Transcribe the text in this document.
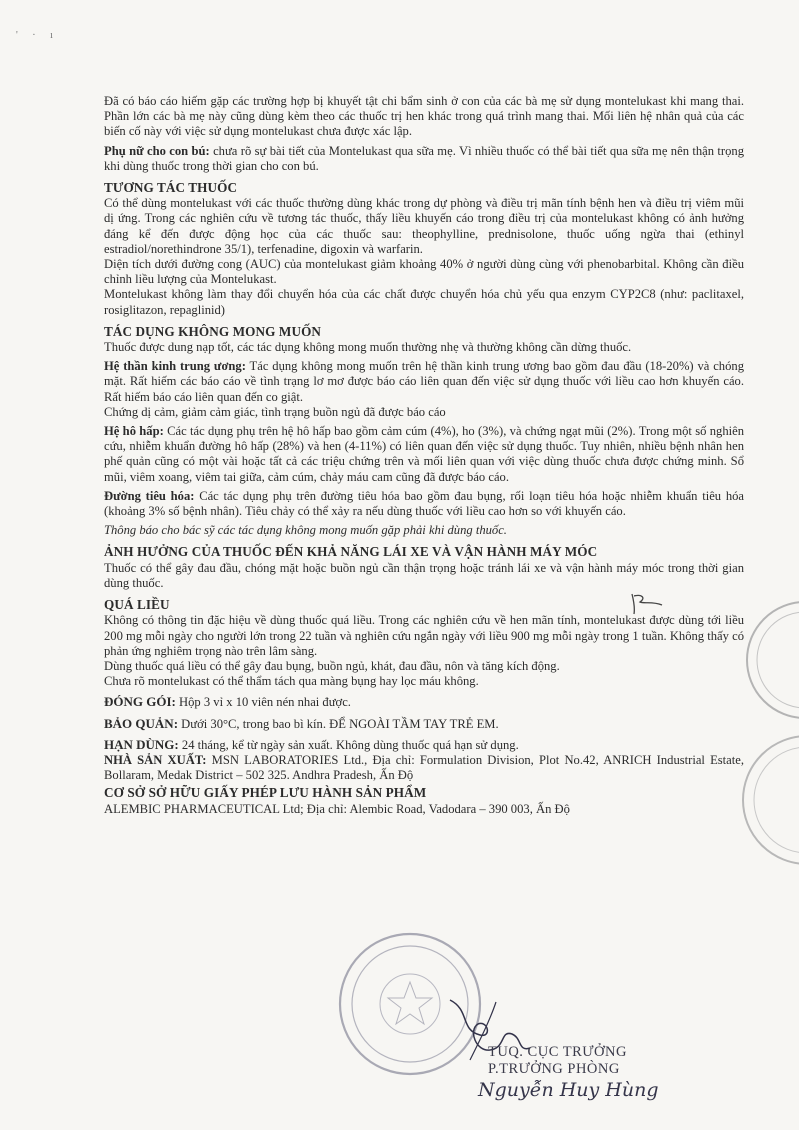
' · ı

Đã có báo cáo hiếm gặp các trường hợp bị khuyết tật chi bẩm sinh ở con của các bà mẹ sử dụng montelukast khi mang thai. Phần lớn các bà mẹ này cũng dùng kèm theo các thuốc trị hen khác trong quá trình mang thai. Mối liên hệ nhân quả của các biến cố này với việc sử dụng montelukast chưa được xác lập.

Phụ nữ cho con bú: chưa rõ sự bài tiết của Montelukast qua sữa mẹ. Vì nhiều thuốc có thể bài tiết qua sữa mẹ nên thận trọng khi dùng thuốc trong thời gian cho con bú.

TƯƠNG TÁC THUỐC

Có thể dùng montelukast với các thuốc thường dùng khác trong dự phòng và điều trị mãn tính bệnh hen và điều trị viêm mũi dị ứng. Trong các nghiên cứu về tương tác thuốc, thấy liều khuyến cáo trong điều trị của montelukast không có ảnh hưởng đáng kể đến được động học của các thuốc sau: theophylline, prednisolone, thuốc uống ngừa thai (ethinyl estradiol/norethindrone 35/1), terfenadine, digoxin và warfarin.

Diện tích dưới đường cong (AUC) của montelukast giảm khoảng 40% ở người dùng cùng với phenobarbital. Không cần điều chỉnh liều lượng của Montelukast.

Montelukast không làm thay đổi chuyển hóa của các chất được chuyển hóa chủ yếu qua enzym CYP2C8 (như: paclitaxel, rosiglitazon, repaglinid)

TÁC DỤNG KHÔNG MONG MUỐN

Thuốc được dung nạp tốt, các tác dụng không mong muốn thường nhẹ và thường không cần dừng thuốc.

Hệ thần kinh trung ương: Tác dụng không mong muốn trên hệ thần kinh trung ương bao gồm đau đầu (18-20%) và chóng mặt. Rất hiếm các báo cáo về tình trạng lơ mơ được báo cáo liên quan đến việc sử dụng thuốc với liều cao hơn khuyến cáo. Rất hiếm báo cáo liên quan đến co giật.

Chứng dị cảm, giảm cảm giác, tình trạng buồn ngủ đã được báo cáo

Hệ hô hấp: Các tác dụng phụ trên hệ hô hấp bao gồm cảm cúm (4%), ho (3%), và chứng ngạt mũi (2%). Trong một số nghiên cứu, nhiễm khuẩn đường hô hấp (28%) và hen (4-11%) có liên quan đến việc sử dụng thuốc. Tuy nhiên, nhiều bệnh nhân hen phế quản cũng có một vài hoặc tất cả các triệu chứng trên và mối liên quan với việc dùng thuốc chưa được chứng minh. Sổ mũi, viêm xoang, viêm tai giữa, cảm cúm, chảy máu cam cũng đã được báo cáo.

Đường tiêu hóa: Các tác dụng phụ trên đường tiêu hóa bao gồm đau bụng, rối loạn tiêu hóa hoặc nhiễm khuẩn tiêu hóa (khoảng 3% số bệnh nhân). Tiêu chảy có thể xảy ra nếu dùng thuốc với liều cao hơn so với khuyến cáo.

Thông báo cho bác sỹ các tác dụng không mong muốn gặp phải khi dùng thuốc.

ẢNH HƯỞNG CỦA THUỐC ĐẾN KHẢ NĂNG LÁI XE VÀ VẬN HÀNH MÁY MÓC

Thuốc có thể gây đau đầu, chóng mặt hoặc buồn ngủ cần thận trọng hoặc tránh lái xe và vận hành máy móc trong thời gian dùng thuốc.

QUÁ LIỀU

Không có thông tin đặc hiệu về dùng thuốc quá liều. Trong các nghiên cứu về hen mãn tính, montelukast được dùng tới liều 200 mg mỗi ngày cho người lớn trong 22 tuần và nghiên cứu ngắn ngày với liều 900 mg mỗi ngày trong 1 tuần. Không thấy có phản ứng nghiêm trọng nào trên lâm sàng.

Dùng thuốc quá liều có thể gây đau bụng, buồn ngủ, khát, đau đầu, nôn và tăng kích động.

Chưa rõ montelukast có thể thẩm tách qua màng bụng hay lọc máu không.

ĐÓNG GÓI: Hộp 3 vỉ x 10 viên nén nhai được.

BẢO QUẢN: Dưới 30°C, trong bao bì kín. ĐỂ NGOÀI TẦM TAY TRẺ EM.

HẠN DÙNG: 24 tháng, kể từ ngày sản xuất. Không dùng thuốc quá hạn sử dụng.

NHÀ SẢN XUẤT: MSN LABORATORIES Ltd., Địa chỉ: Formulation Division, Plot No.42, ANRICH Industrial Estate, Bollaram, Medak District – 502 325. Andhra Pradesh, Ấn Độ

CƠ SỞ SỞ HỮU GIẤY PHÉP LƯU HÀNH SẢN PHẨM

ALEMBIC PHARMACEUTICAL Ltd; Địa chỉ: Alembic Road, Vadodara – 390 003, Ấn Độ

TUQ. CỤC TRƯỞNG
P.TRƯỞNG PHÒNG
Nguyễn Huy Hùng
